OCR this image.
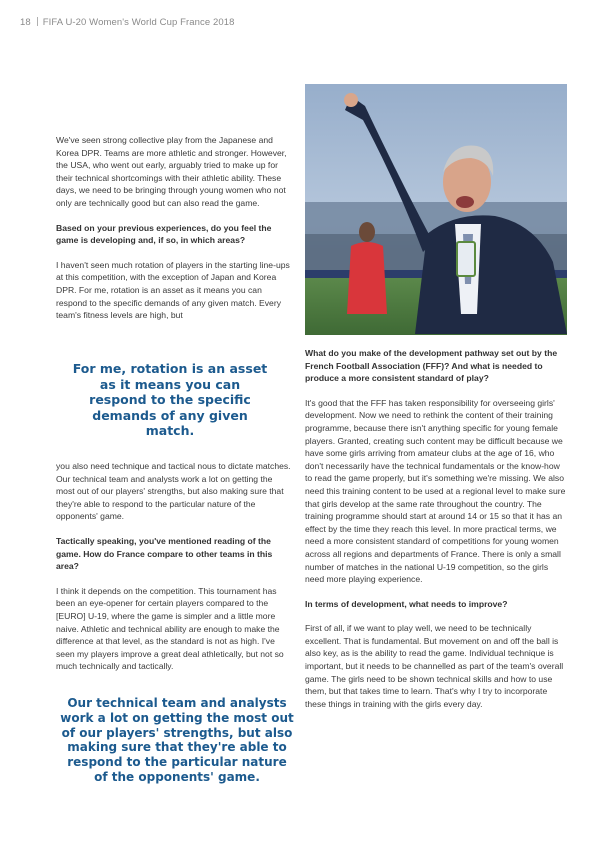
18 FIFA U-20 Women's World Cup France 2018

We've seen strong collective play from the Japanese and Korea DPR. Teams are more athletic and stronger. However, the USA, who went out early, arguably tried to make up for their technical shortcomings with their athletic ability. These days, we need to be bringing through young women who not only are technically good but can also read the game.

Based on your previous experiences, do you feel the game is developing and, if so, in which areas?

I haven't seen much rotation of players in the starting line-ups at this competition, with the exception of Japan and Korea DPR. For me, rotation is an asset as it means you can respond to the specific demands of any given match. Every team's fitness levels are high, but

For me, rotation is an asset as it means you can respond to the specific demands of any given match.

you also need technique and tactical nous to dictate matches. Our technical team and analysts work a lot on getting the most out of our players' strengths, but also making sure that they're able to respond to the particular nature of the opponents' game.

Tactically speaking, you've mentioned reading of the game. How do France compare to other teams in this area?

I think it depends on the competition. This tournament has been an eye-opener for certain players compared to the [EURO] U-19, where the game is simpler and a little more naive. Athletic and technical ability are enough to make the difference at that level, as the standard is not as high. I've seen my players improve a great deal athletically, but not so much technically and tactically.

Our technical team and analysts work a lot on getting the most out of our players' strengths, but also making sure that they're able to respond to the particular nature of the opponents' game.

What do you make of the development pathway set out by the French Football Association (FFF)? And what is needed to produce a more consistent standard of play?

It's good that the FFF has taken responsibility for overseeing girls' development. Now we need to rethink the content of their training programme, because there isn't anything specific for young female players. Granted, creating such content may be difficult because we have some girls arriving from amateur clubs at the age of 16, who don't necessarily have the technical fundamentals or the know-how to read the game properly, but it's something we're missing. We also need this training content to be used at a regional level to make sure that girls develop at the same rate throughout the country. The training programme should start at around 14 or 15 so that it has an effect by the time they reach this level. In more practical terms, we need a more consistent standard of competitions for young women across all regions and departments of France. There is only a small number of matches in the national U-19 competition, so the girls need more playing experience.

In terms of development, what needs to improve?

First of all, if we want to play well, we need to be technically excellent. That is fundamental. But movement on and off the ball is also key, as is the ability to read the game. Individual technique is important, but it needs to be channelled as part of the team's overall game. The girls need to be shown technical skills and how to use them, but that takes time to learn. That's why I try to incorporate these things in training with the girls every day.
